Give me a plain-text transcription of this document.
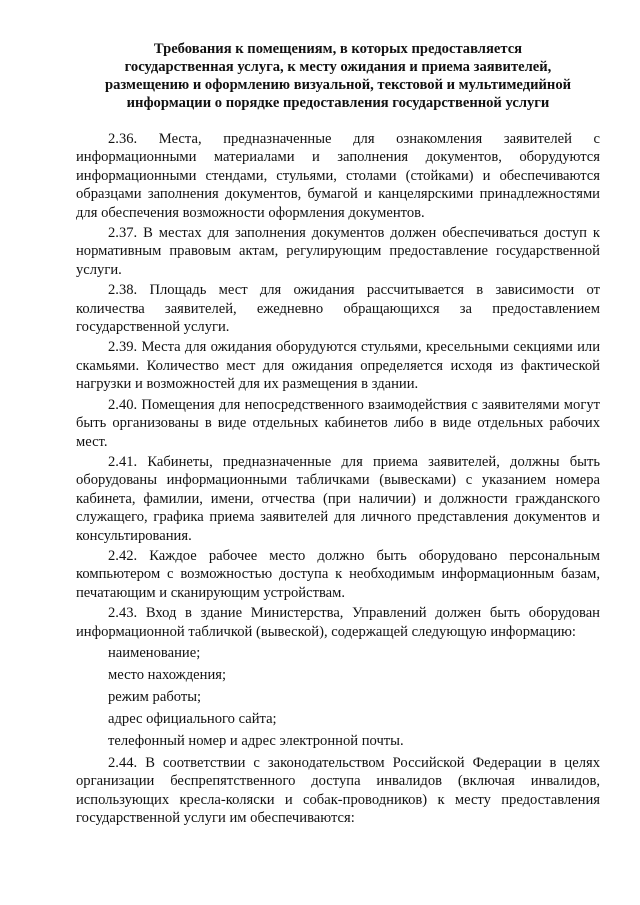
Требования к помещениям, в которых предоставляется
государственная услуга, к месту ожидания и приема заявителей,
размещению и оформлению визуальной, текстовой и мультимедийной
информации о порядке предоставления государственной услуги

2.36. Места, предназначенные для ознакомления заявителей с информационными материалами и заполнения документов, оборудуются информационными стендами, стульями, столами (стойками) и обеспечиваются образцами заполнения документов, бумагой и канцелярскими принадлежностями для обеспечения возможности оформления документов.

2.37. В местах для заполнения документов должен обеспечиваться доступ к нормативным правовым актам, регулирующим предоставление государственной услуги.

2.38. Площадь мест для ожидания рассчитывается в зависимости от количества заявителей, ежедневно обращающихся за предоставлением государственной услуги.

2.39. Места для ожидания оборудуются стульями, кресельными секциями или скамьями. Количество мест для ожидания определяется исходя из фактической нагрузки и возможностей для их размещения в здании.

2.40. Помещения для непосредственного взаимодействия с заявителями могут быть организованы в виде отдельных кабинетов либо в виде отдельных рабочих мест.

2.41. Кабинеты, предназначенные для приема заявителей, должны быть оборудованы информационными табличками (вывесками) с указанием номера кабинета, фамилии, имени, отчества (при наличии) и должности гражданского служащего, графика приема заявителей для личного представления документов и консультирования.

2.42. Каждое рабочее место должно быть оборудовано персональным компьютером с возможностью доступа к необходимым информационным базам, печатающим и сканирующим устройствам.

2.43. Вход в здание Министерства, Управлений должен быть оборудован информационной табличкой (вывеской), содержащей следующую информацию:

наименование;
место нахождения;
режим работы;
адрес официального сайта;
телефонный номер и адрес электронной почты.

2.44. В соответствии с законодательством Российской Федерации в целях организации беспрепятственного доступа инвалидов (включая инвалидов, использующих кресла-коляски и собак-проводников) к месту предоставления государственной услуги им обеспечиваются:
